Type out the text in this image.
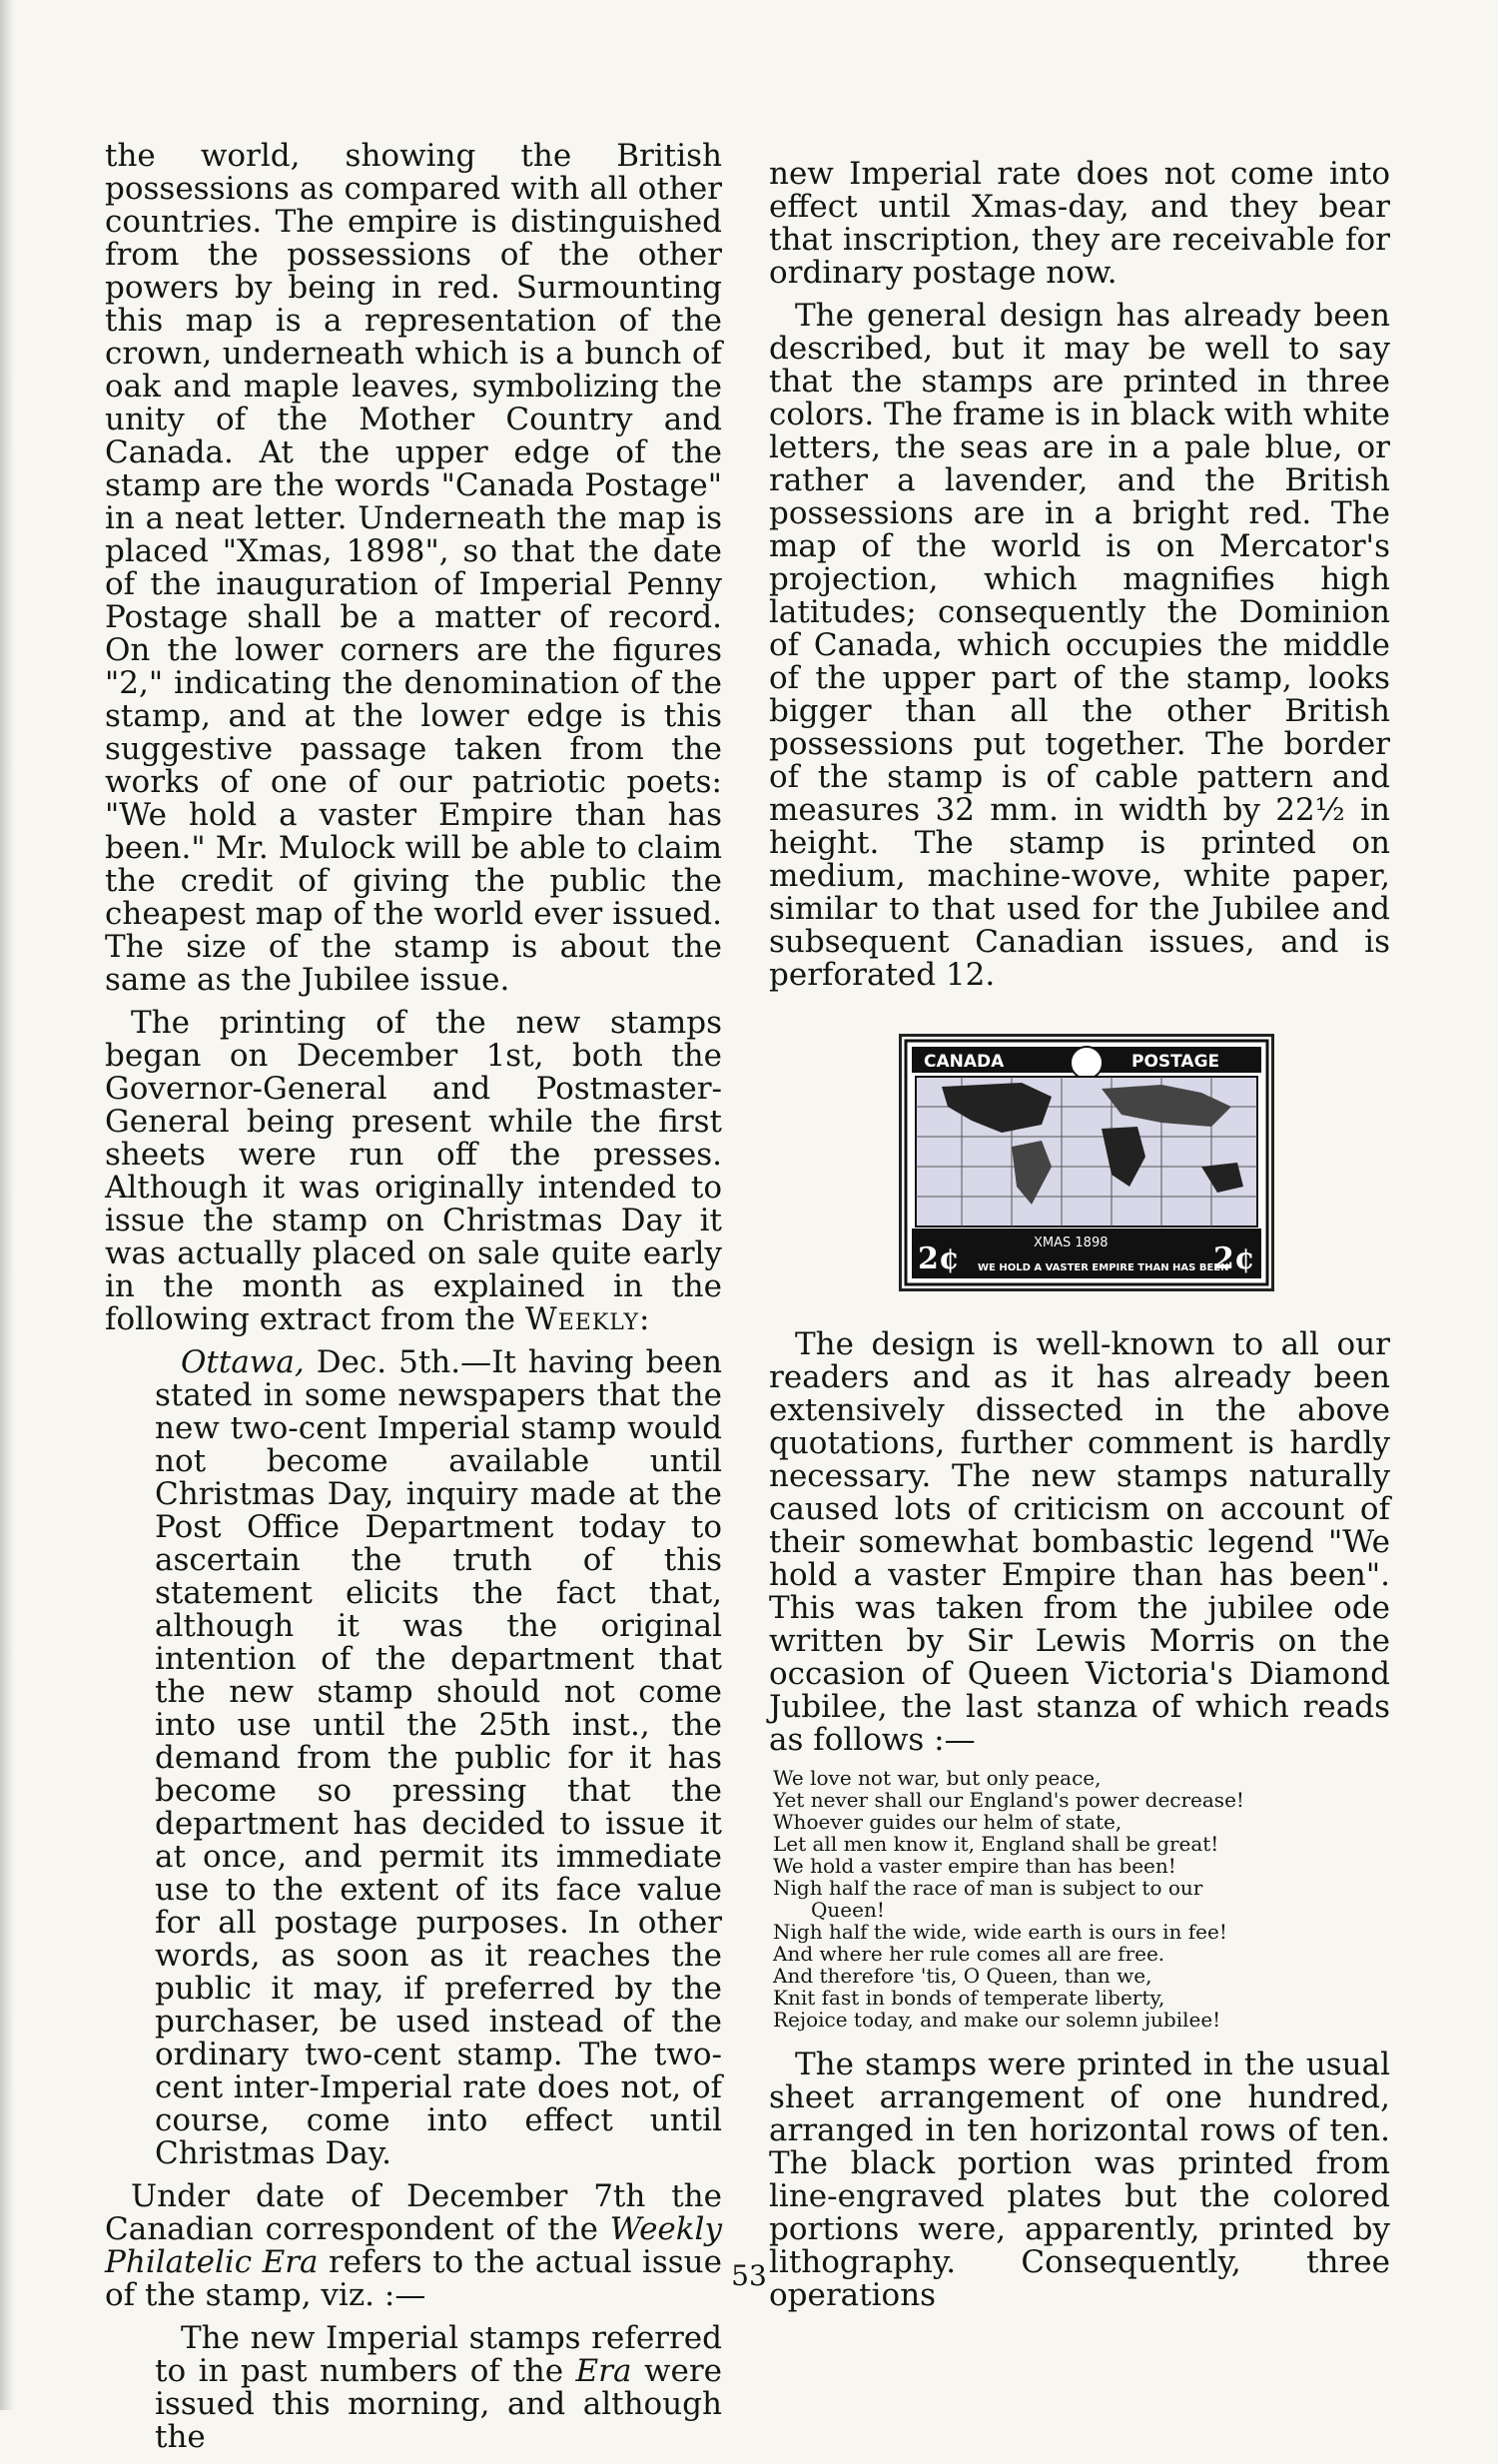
the world, showing the British possessions as compared with all other countries. The empire is distinguished from the possessions of the other powers by being in red. Surmounting this map is a representation of the crown, underneath which is a bunch of oak and maple leaves, symbolizing the unity of the Mother Country and Canada. At the upper edge of the stamp are the words "Canada Postage" in a neat letter. Underneath the map is placed "Xmas, 1898", so that the date of the inauguration of Imperial Penny Postage shall be a matter of record. On the lower corners are the figures "2," indicating the denomination of the stamp, and at the lower edge is this suggestive passage taken from the works of one of our patriotic poets: "We hold a vaster Empire than has been." Mr. Mulock will be able to claim the credit of giving the public the cheapest map of the world ever issued. The size of the stamp is about the same as the Jubilee issue.

The printing of the new stamps began on December 1st, both the Governor-General and Postmaster-General being present while the first sheets were run off the presses. Although it was originally intended to issue the stamp on Christmas Day it was actually placed on sale quite early in the month as explained in the following extract from the Weekly:

Ottawa, Dec. 5th.—It having been stated in some newspapers that the new two-cent Imperial stamp would not become available until Christmas Day, inquiry made at the Post Office Department today to ascertain the truth of this statement elicits the fact that, although it was the original intention of the department that the new stamp should not come into use until the 25th inst., the demand from the public for it has become so pressing that the department has decided to issue it at once, and permit its immediate use to the extent of its face value for all postage purposes. In other words, as soon as it reaches the public it may, if preferred by the purchaser, be used instead of the ordinary two-cent stamp. The two-cent inter-Imperial rate does not, of course, come into effect until Christmas Day.

Under date of December 7th the Canadian correspondent of the Weekly Philatelic Era refers to the actual issue of the stamp, viz. :—

The new Imperial stamps referred to in past numbers of the Era were issued this morning, and although the

new Imperial rate does not come into effect until Xmas-day, and they bear that inscription, they are receivable for ordinary postage now.

The general design has already been described, but it may be well to say that the stamps are printed in three colors. The frame is in black with white letters, the seas are in a pale blue, or rather a lavender, and the British possessions are in a bright red. The map of the world is on Mercator's projection, which magnifies high latitudes; consequently the Dominion of Canada, which occupies the middle of the upper part of the stamp, looks bigger than all the other British possessions put together. The border of the stamp is of cable pattern and measures 32 mm. in width by 22½ in height. The stamp is printed on medium, machine-wove, white paper, similar to that used for the Jubilee and subsequent Canadian issues, and is perforated 12.

CANADA	POSTAGE
2¢	2¢
XMAS 1898
WE HOLD A VASTER EMPIRE THAN HAS BEEN

The design is well-known to all our readers and as it has already been extensively dissected in the above quotations, further comment is hardly necessary. The new stamps naturally caused lots of criticism on account of their somewhat bombastic legend "We hold a vaster Empire than has been". This was taken from the jubilee ode written by Sir Lewis Morris on the occasion of Queen Victoria's Diamond Jubilee, the last stanza of which reads as follows :—

We love not war, but only peace,
Yet never shall our England's power decrease!
Whoever guides our helm of state,
Let all men know it, England shall be great!
We hold a vaster empire than has been!
Nigh half the race of man is subject to our
Queen!
Nigh half the wide, wide earth is ours in fee!
And where her rule comes all are free.
And therefore 'tis, O Queen, than we,
Knit fast in bonds of temperate liberty,
Rejoice today, and make our solemn jubilee!

The stamps were printed in the usual sheet arrangement of one hundred, arranged in ten horizontal rows of ten. The black portion was printed from line-engraved plates but the colored portions were, apparently, printed by lithography. Consequently, three operations

53
